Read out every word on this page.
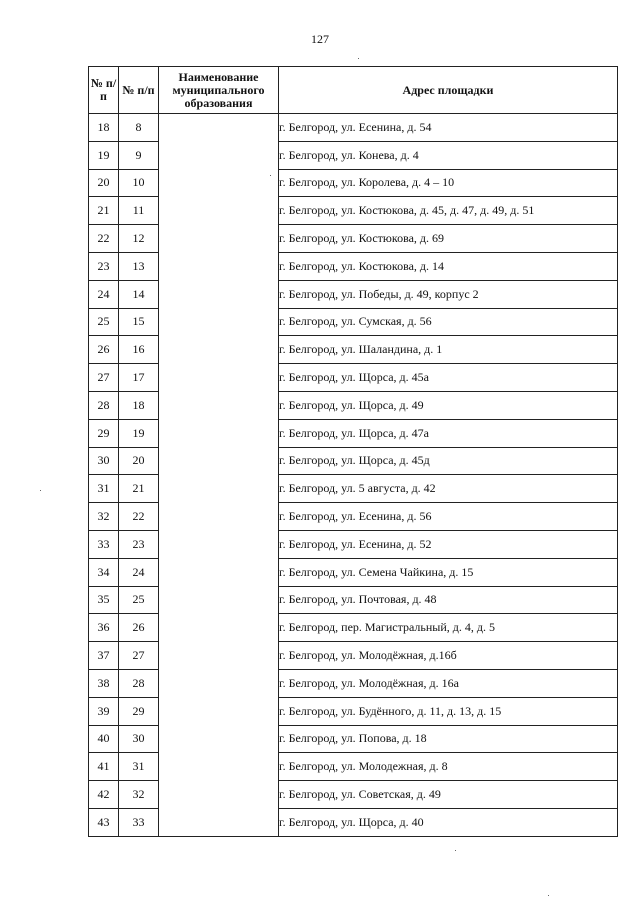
127
№ п/п	№ п/п	Наименование муниципального образования	Адрес площадки
18	8		г. Белгород, ул. Есенина, д. 54
19	9		г. Белгород, ул. Конева, д. 4
20	10		г. Белгород, ул. Королева, д. 4 – 10
21	11		г. Белгород, ул. Костюкова, д. 45, д. 47, д. 49, д. 51
22	12		г. Белгород, ул. Костюкова, д. 69
23	13		г. Белгород, ул. Костюкова, д. 14
24	14		г. Белгород, ул. Победы, д. 49, корпус 2
25	15		г. Белгород, ул. Сумская, д. 56
26	16		г. Белгород, ул. Шаландина, д. 1
27	17		г. Белгород, ул. Щорса, д. 45а
28	18		г. Белгород, ул. Щорса, д. 49
29	19		г. Белгород, ул. Щорса, д. 47а
30	20		г. Белгород, ул. Щорса, д. 45д
31	21		г. Белгород, ул. 5 августа, д. 42
32	22		г. Белгород, ул. Есенина, д. 56
33	23		г. Белгород, ул. Есенина, д. 52
34	24		г. Белгород, ул. Семена Чайкина, д. 15
35	25		г. Белгород, ул. Почтовая, д. 48
36	26		г. Белгород, пер. Магистральный, д. 4, д. 5
37	27		г. Белгород, ул. Молодёжная, д.16б
38	28		г. Белгород, ул. Молодёжная, д. 16а
39	29		г. Белгород, ул. Будённого, д. 11, д. 13, д. 15
40	30		г. Белгород, ул. Попова, д. 18
41	31		г. Белгород, ул. Молодежная, д. 8
42	32		г. Белгород, ул. Советская, д. 49
43	33		г. Белгород, ул. Щорса, д. 40
